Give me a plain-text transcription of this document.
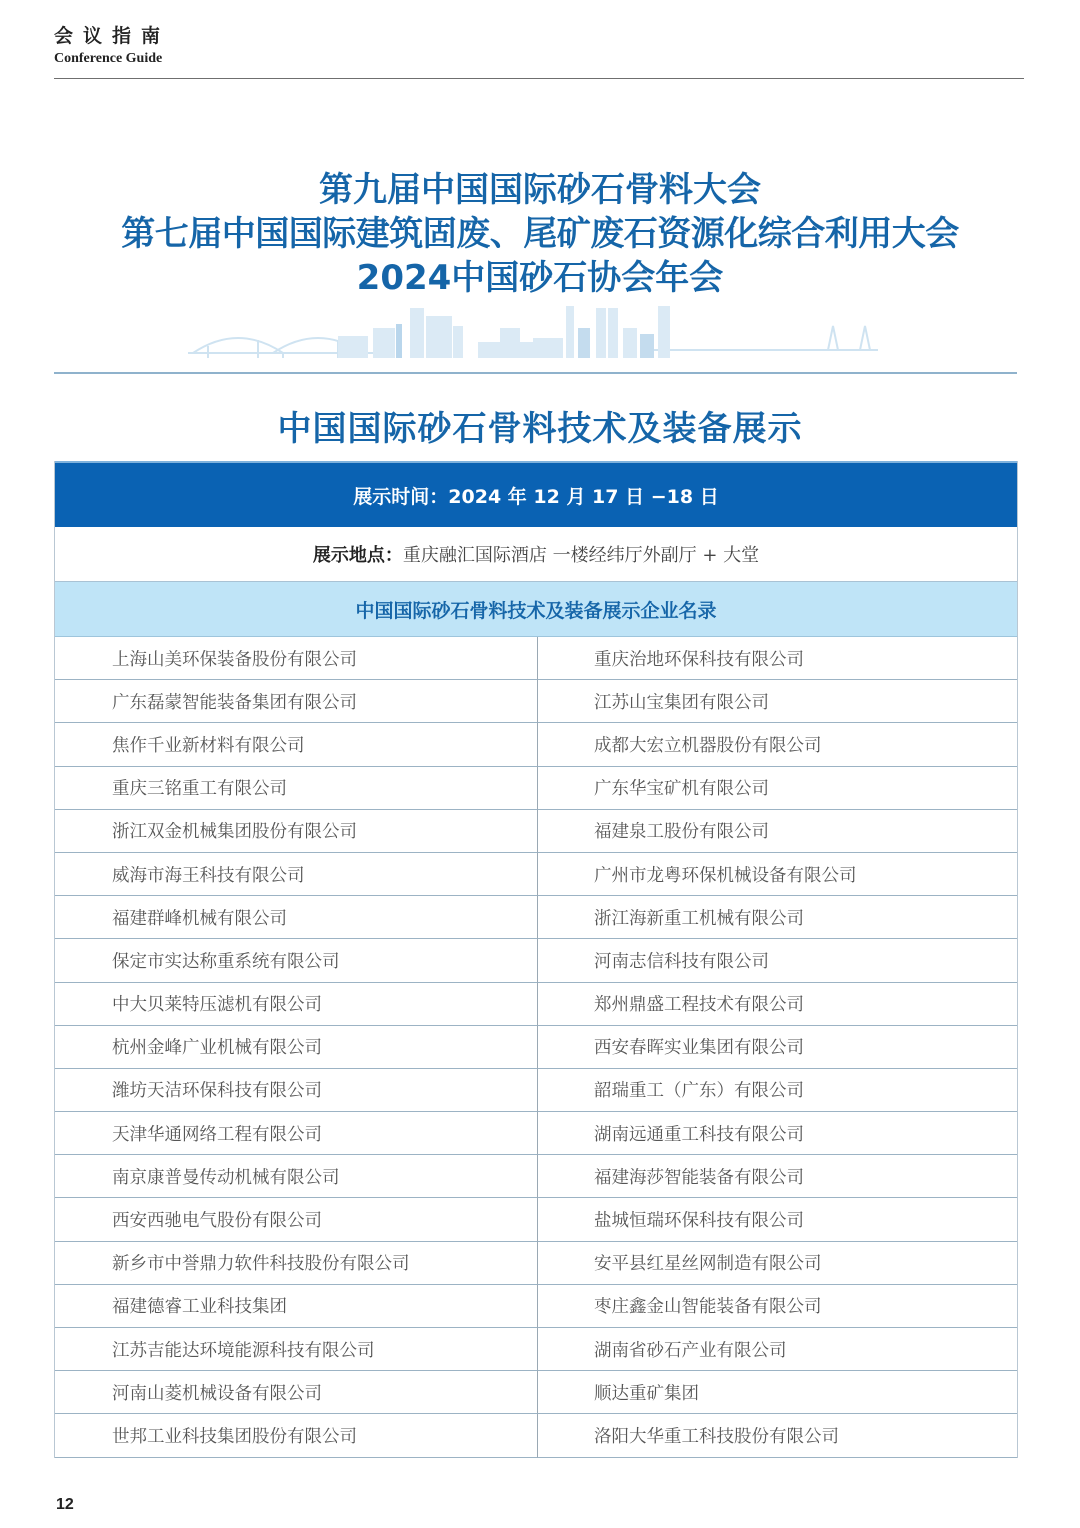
会议指南
Conference Guide
第九届中国国际砂石骨料大会
第七届中国国际建筑固废、尾矿废石资源化综合利用大会
2024中国砂石协会年会
中国国际砂石骨料技术及装备展示
展示时间： 2024 年 12 月 17 日 −18 日
展示地点： 重庆融汇国际酒店 一楼经纬厅外副厅 + 大堂
中国国际砂石骨料技术及装备展示企业名录
上海山美环保装备股份有限公司	重庆治地环保科技有限公司
广东磊蒙智能装备集团有限公司	江苏山宝集团有限公司
焦作千业新材料有限公司	成都大宏立机器股份有限公司
重庆三铭重工有限公司	广东华宝矿机有限公司
浙江双金机械集团股份有限公司	福建泉工股份有限公司
威海市海王科技有限公司	广州市龙粤环保机械设备有限公司
福建群峰机械有限公司	浙江海新重工机械有限公司
保定市实达称重系统有限公司	河南志信科技有限公司
中大贝莱特压滤机有限公司	郑州鼎盛工程技术有限公司
杭州金峰广业机械有限公司	西安春晖实业集团有限公司
潍坊天洁环保科技有限公司	韶瑞重工（广东）有限公司
天津华通网络工程有限公司	湖南远通重工科技有限公司
南京康普曼传动机械有限公司	福建海莎智能装备有限公司
西安西驰电气股份有限公司	盐城恒瑞环保科技有限公司
新乡市中誉鼎力软件科技股份有限公司	安平县红星丝网制造有限公司
福建德睿工业科技集团	枣庄鑫金山智能装备有限公司
江苏吉能达环境能源科技有限公司	湖南省砂石产业有限公司
河南山菱机械设备有限公司	顺达重矿集团
世邦工业科技集团股份有限公司	洛阳大华重工科技股份有限公司
12
